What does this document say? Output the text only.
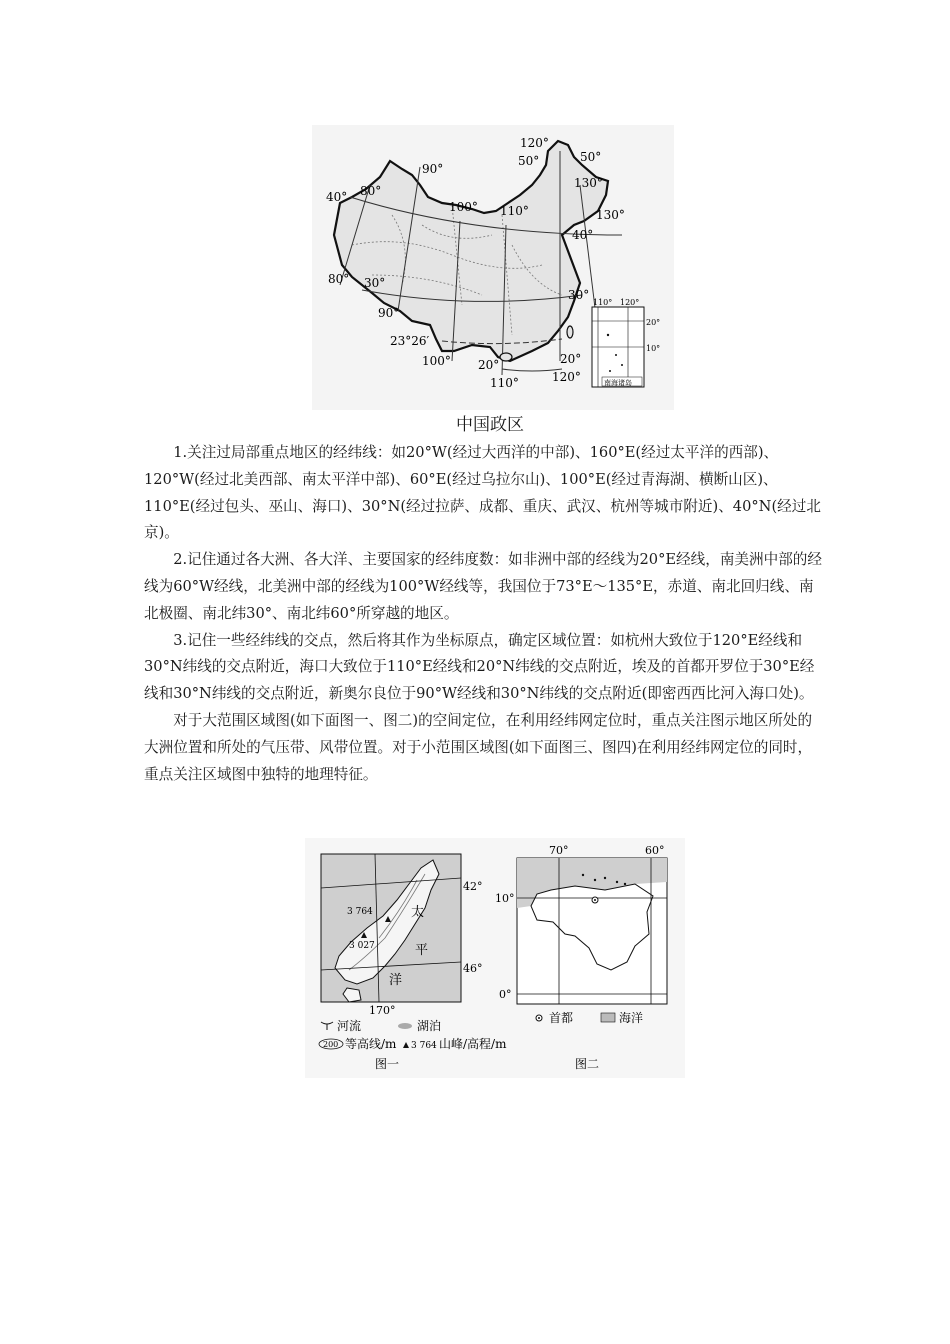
40° 80°
90°
100° 110°
120°
50°	50°
130°
130°
40°
80° 30°
90°
30°
23°26′
100° 20°
110°
20°
120°	南海诸岛
110° 120°
20°
10°
中国政区

1.关注过局部重点地区的经纬线：如20°W(经过大西洋的中部)、160°E(经过太平洋的西部)、120°W(经过北美西部、南太平洋中部)、60°E(经过乌拉尔山)、100°E(经过青海湖、横断山区)、110°E(经过包头、巫山、海口)、30°N(经过拉萨、成都、重庆、武汉、杭州等城市附近)、40°N(经过北京)。

2.记住通过各大洲、各大洋、主要国家的经纬度数：如非洲中部的经线为20°E经线，南美洲中部的经线为60°W经线，北美洲中部的经线为100°W经线等，我国位于73°E～135°E，赤道、南北回归线、南北极圈、南北纬30°、南北纬60°所穿越的地区。

3.记住一些经纬线的交点，然后将其作为坐标原点，确定区域位置：如杭州大致位于120°E经线和30°N纬线的交点附近，海口大致位于110°E经线和20°N纬线的交点附近，埃及的首都开罗位于30°E经线和30°N纬线的交点附近，新奥尔良位于90°W经线和30°N纬线的交点附近(即密西西比河入海口处)。

对于大范围区域图(如下面图一、图二)的空间定位，在利用经纬网定位时，重点关注图示地区所处的大洲位置和所处的气压带、风带位置。对于小范围区域图(如下面图三、图四)在利用经纬网定位的同时，重点关注区域图中独特的地理特征。

42°
46°
170°
太
平
洋
3 764
3 027
河流	湖泊
200 等高线/m 3 764 山峰/高程/m
图一
70°	60°
10°
0°
首都	海洋
图二
